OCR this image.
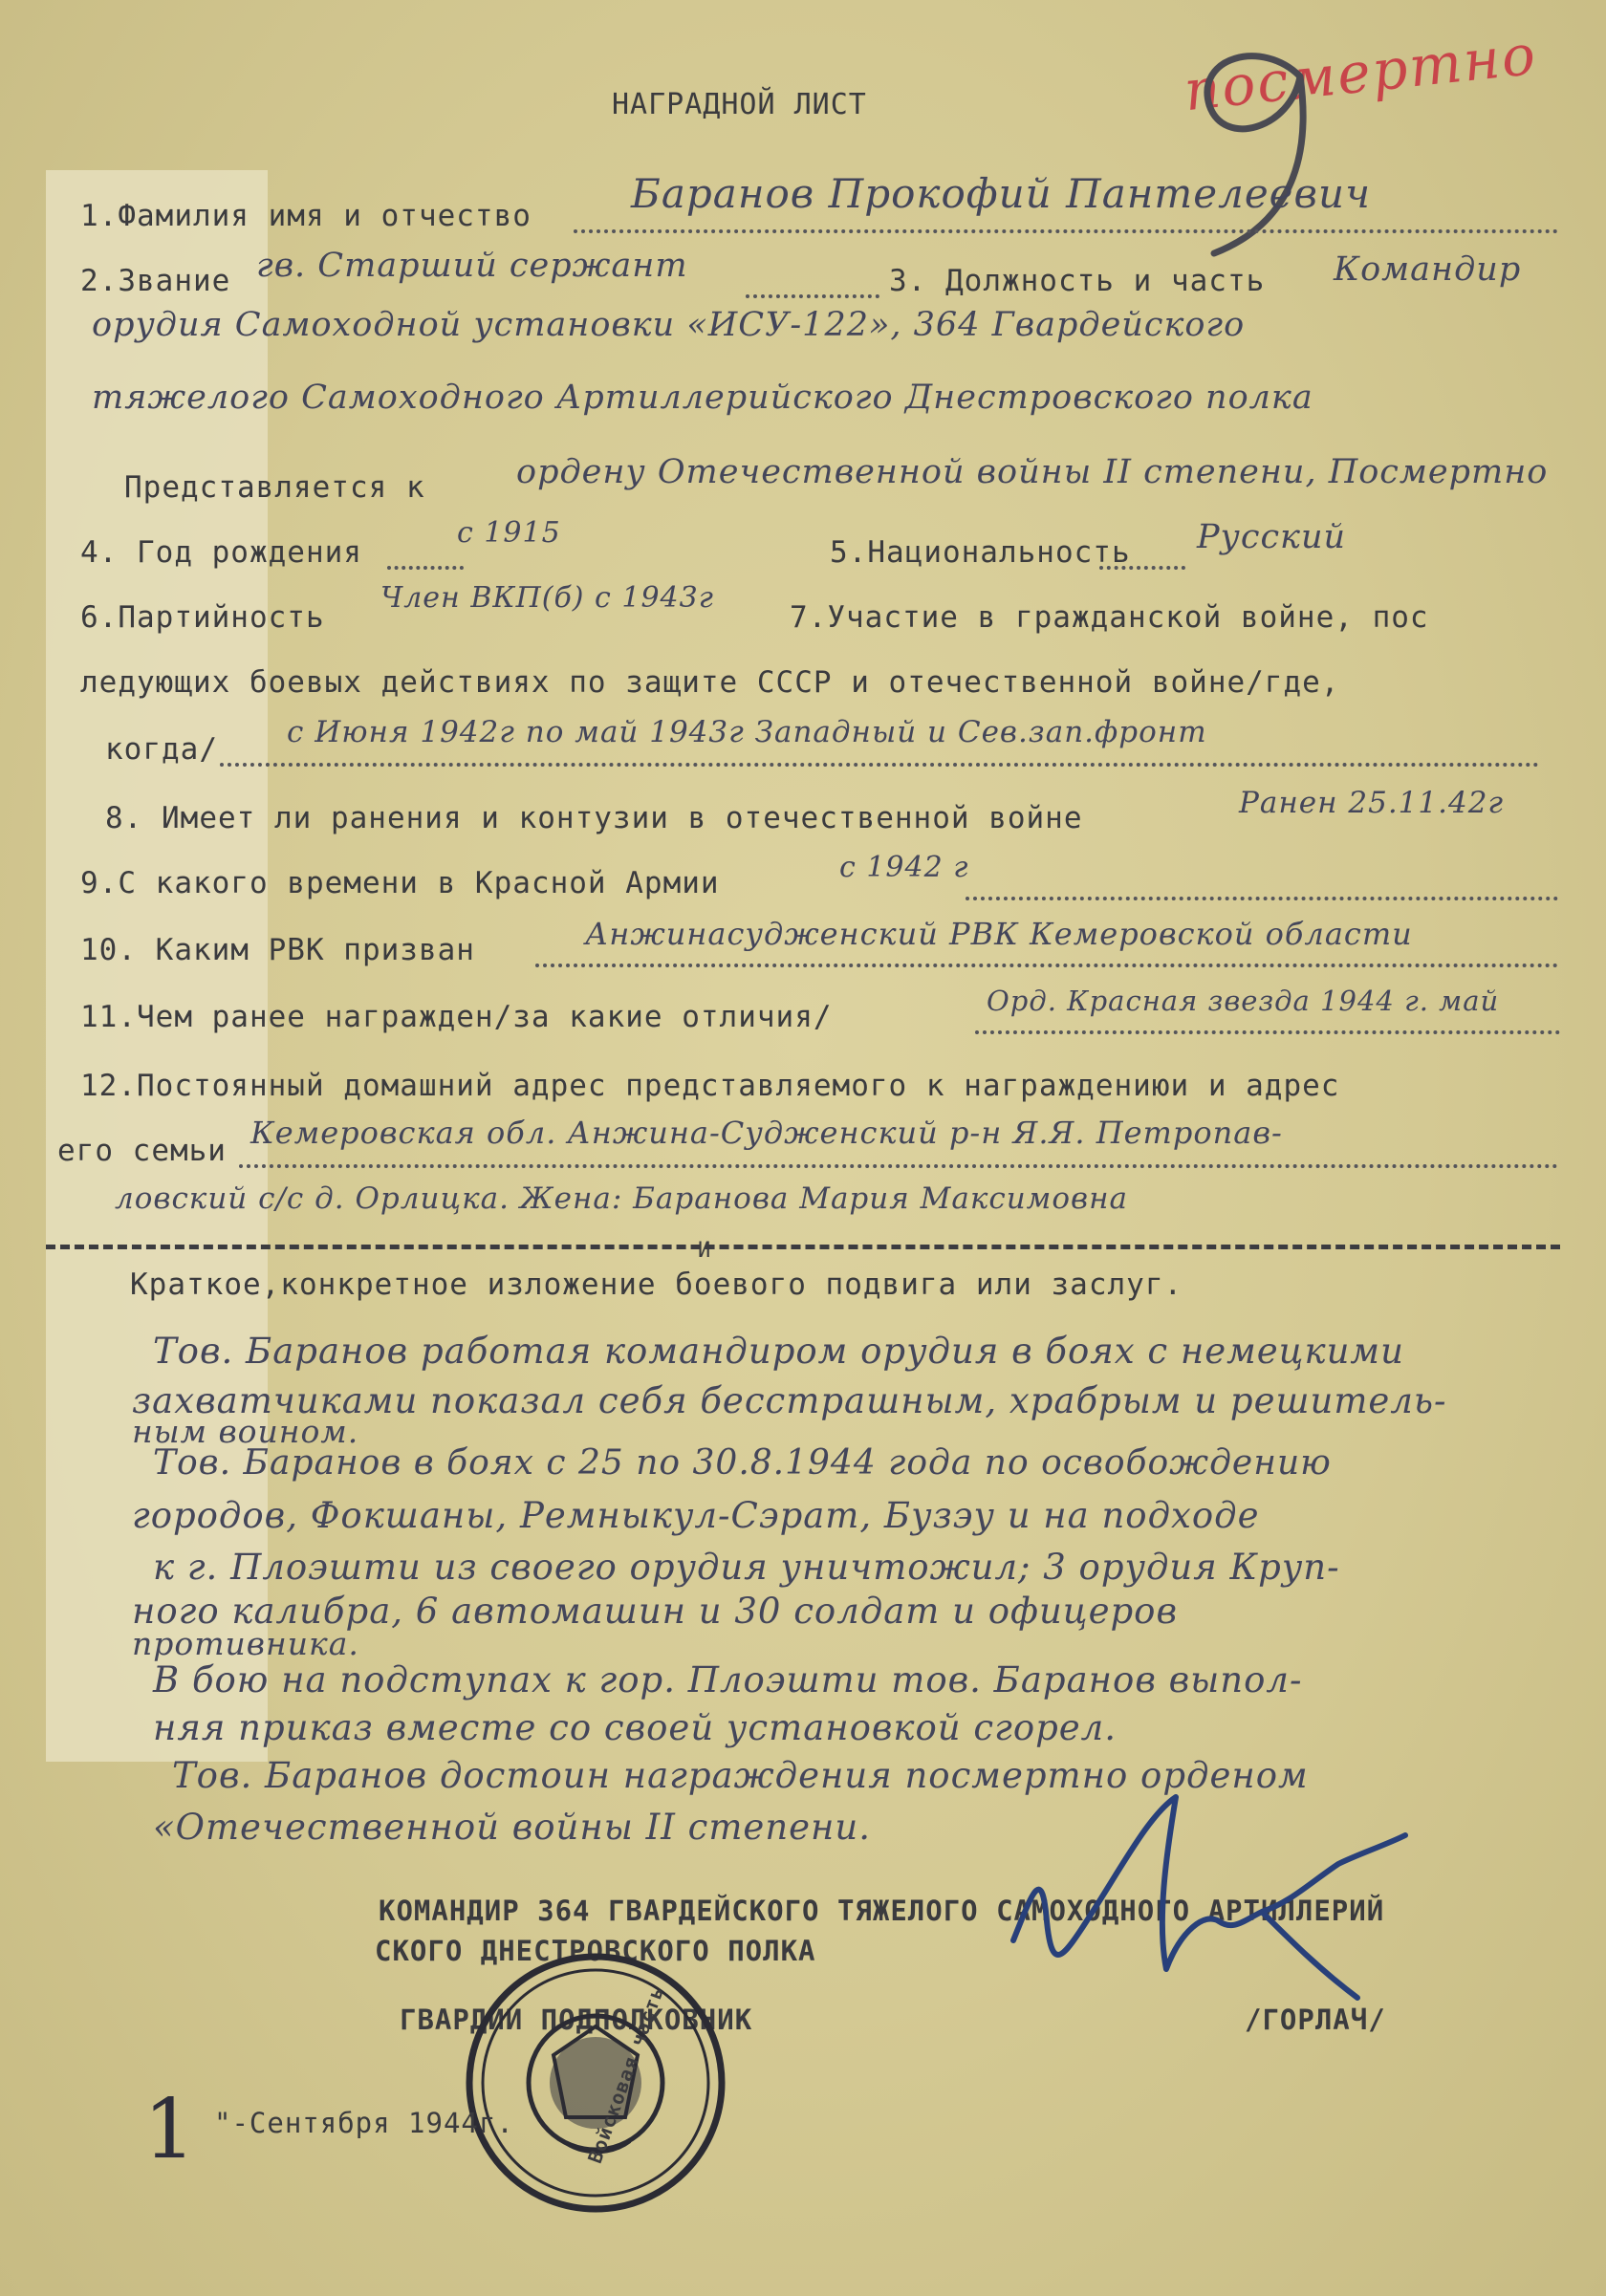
посмертно
НАГРАДНОЙ ЛИСТ
1.Фамилия имя и отчество Баранов Прокофий Пантелеевич
2.Звание гв. Старший сержант	3. Должность и часть Командир
орудия Самоходной установки «ИСУ-122», 364 Гвардейского
тяжелого Самоходного Артиллерийского Днестровского полка
Представляется к	ордену Отечественной войны II степени, Посмертно
4. Год рождения
с 1915
5.Национальность Русский
6.Партийность
Член ВКП(б) с 1943г
7.Участие в гражданской войне, пос
ледующих боевых действиях по защите СССР и отечественной войне/где,
когда/ с Июня 1942г по май 1943г Западный и Сев.зап.фронт
8. Имеет ли ранения и контузии в отечественной войне	Ранен 25.11.42г
9.С какого времени в Красной Армии	с 1942 г
10. Каким РВК призван	Анжинасудженский РВК Кемеровской области
11.Чем ранее награжден/за какие отличия/	Орд. Красная звезда 1944 г. май
12.Постоянный домашний адрес представляемого к награждениюи и адрес
его семьи Кемеровская обл. Анжина-Судженский р-н Я.Я. Петропав-
ловский с/с д. Орлицка. Жена: Баранова Мария Максимовна
И
Краткое,конкретное изложение боевого подвига или заслуг.
Тов. Баранов работая командиром орудия в боях с немецкими
захватчиками показал себя бесстрашным, храбрым и решитель-
ным воином.
Тов. Баранов в боях с 25 по 30.8.1944 года по освобождению
городов, Фокшаны, Ремныкул-Сэрат, Бузэу и на подходе
к г. Плоэшти из своего орудия уничтожил; 3 орудия Круп-
ного калибра, 6 автомашин и 30 солдат и офицеров
противника.
В бою на подступах к гор. Плоэшти тов. Баранов выпол-
няя приказ вместе со своей установкой сгорел.
Тов. Баранов достоин награждения посмертно орденом
«Отечественной войны II степени.
КОМАНДИР 364 ГВАРДЕЙСКОГО ТЯЖЕЛОГО САМОХОДНОГО АРТИЛЛЕРИЙ
СКОГО ДНЕСТРОВСКОГО ПОЛКА
ГВАРДИИ ПОДПОЛКОВНИК	/ГОРЛАЧ/
Войсковая часть
1 "-Сентября 1944г.
